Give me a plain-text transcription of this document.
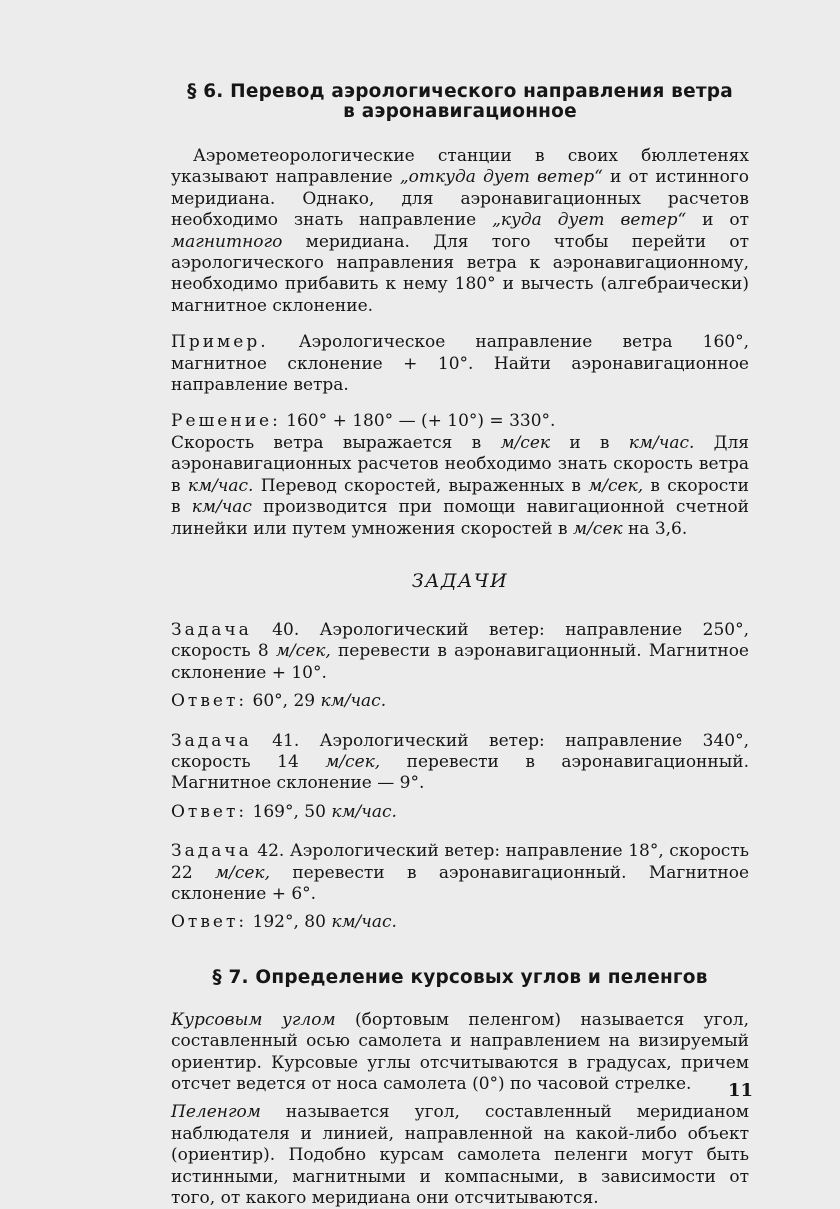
§ 6. Перевод аэрологического направления ветра
в аэронавигационное

Аэрометеорологические станции в своих бюллетенях указывают направление „откуда дует ветер“ и от истинного меридиана. Однако, для аэронавигационных расчетов необходимо знать направление „куда дует ветер“ и от магнитного меридиана. Для того чтобы перейти от аэрологического направления ветра к аэронавигационному, необходимо прибавить к нему 180° и вычесть (алгебраически) магнитное склонение.

Пример. Аэрологическое направление ветра 160°, магнитное склонение + 10°. Найти аэронавигационное направление ветра.

Решение: 160° + 180° — (+ 10°) = 330°.

Скорость ветра выражается в м/сек и в км/час. Для аэронавигационных расчетов необходимо знать скорость ветра в км/час. Перевод скоростей, выраженных в м/сек, в скорости в км/час производится при помощи навигационной счетной линейки или путем умножения скоростей в м/сек на 3,6.

ЗАДАЧИ

Задача 40. Аэрологический ветер: направление 250°, скорость 8 м/сек, перевести в аэронавигационный. Магнитное склонение + 10°.

Ответ: 60°, 29 км/час.

Задача 41. Аэрологический ветер: направление 340°, скорость 14 м/сек, перевести в аэронавигационный. Магнитное склонение — 9°.

Ответ: 169°, 50 км/час.

Задача 42. Аэрологический ветер: направление 18°, скорость 22 м/сек, перевести в аэронавигационный. Магнитное склонение + 6°.

Ответ: 192°, 80 км/час.

§ 7. Определение курсовых углов и пеленгов

Курсовым углом (бортовым пеленгом) называется угол, составленный осью самолета и направлением на визируемый ориентир. Курсовые углы отсчитываются в градусах, причем отсчет ведется от носа самолета (0°) по часовой стрелке.

Пеленгом называется угол, составленный меридианом наблюдателя и линией, направленной на какой-либо объект (ориентир). Подобно курсам самолета пеленги могут быть истинными, магнитными и компасными, в зависимости от того, от какого меридиана они отсчитываются.

11
